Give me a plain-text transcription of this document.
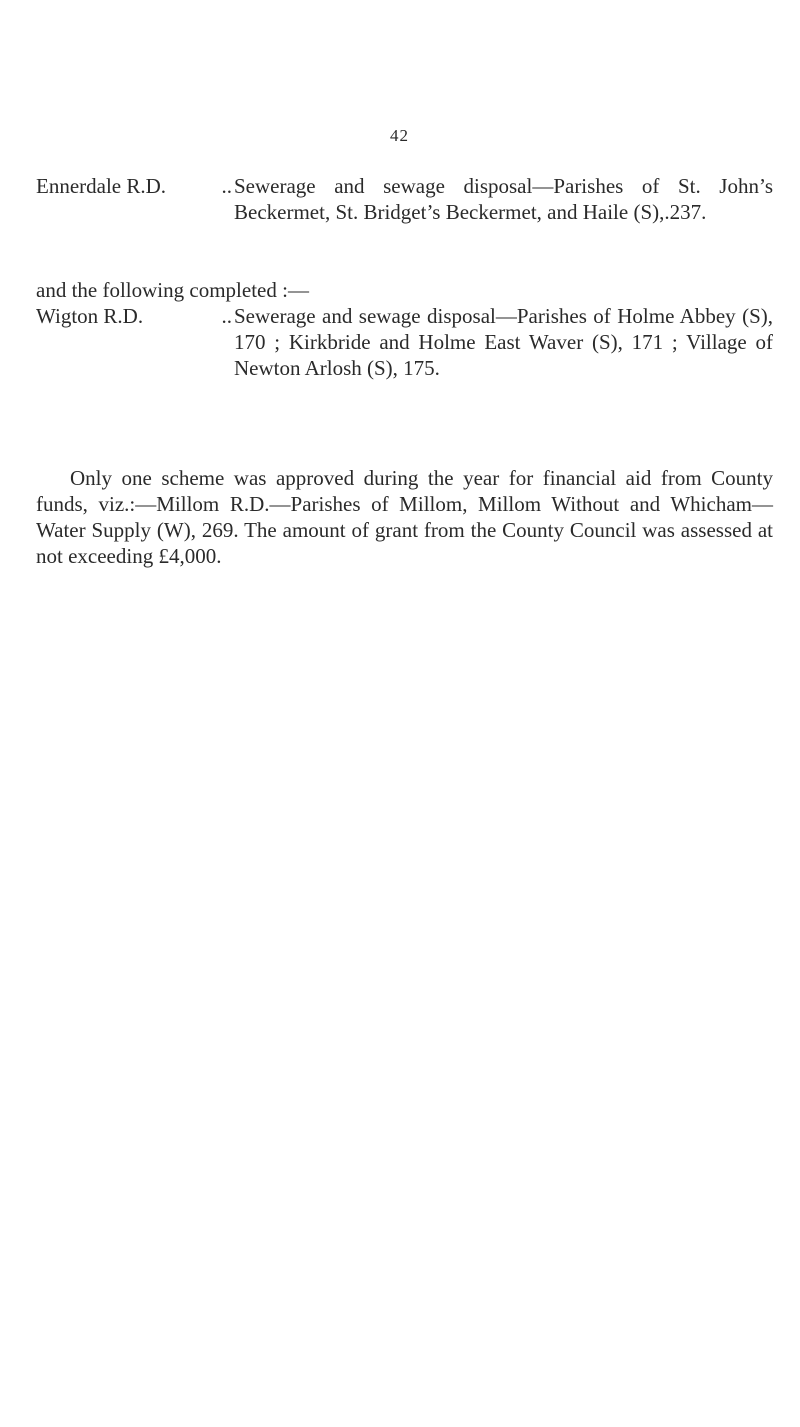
42
Ennerdale R.D.	.. Sewerage and sewage disposal—Parishes of St. John’s Beckermet, St. Bridget’s Beckermet, and Haile (S),.237.
and the following completed :—
Wigton R.D.	.. Sewerage and sewage disposal—Parishes of Holme Abbey (S), 170 ; Kirkbride and Holme East Waver (S), 171 ; Village of Newton Arlosh (S), 175.
Only one scheme was approved during the year for financial aid from County funds, viz.:—Millom R.D.—Parishes of Millom, Millom Without and Whicham—Water Supply (W), 269. The amount of grant from the County Council was assessed at not exceeding £4,000.
